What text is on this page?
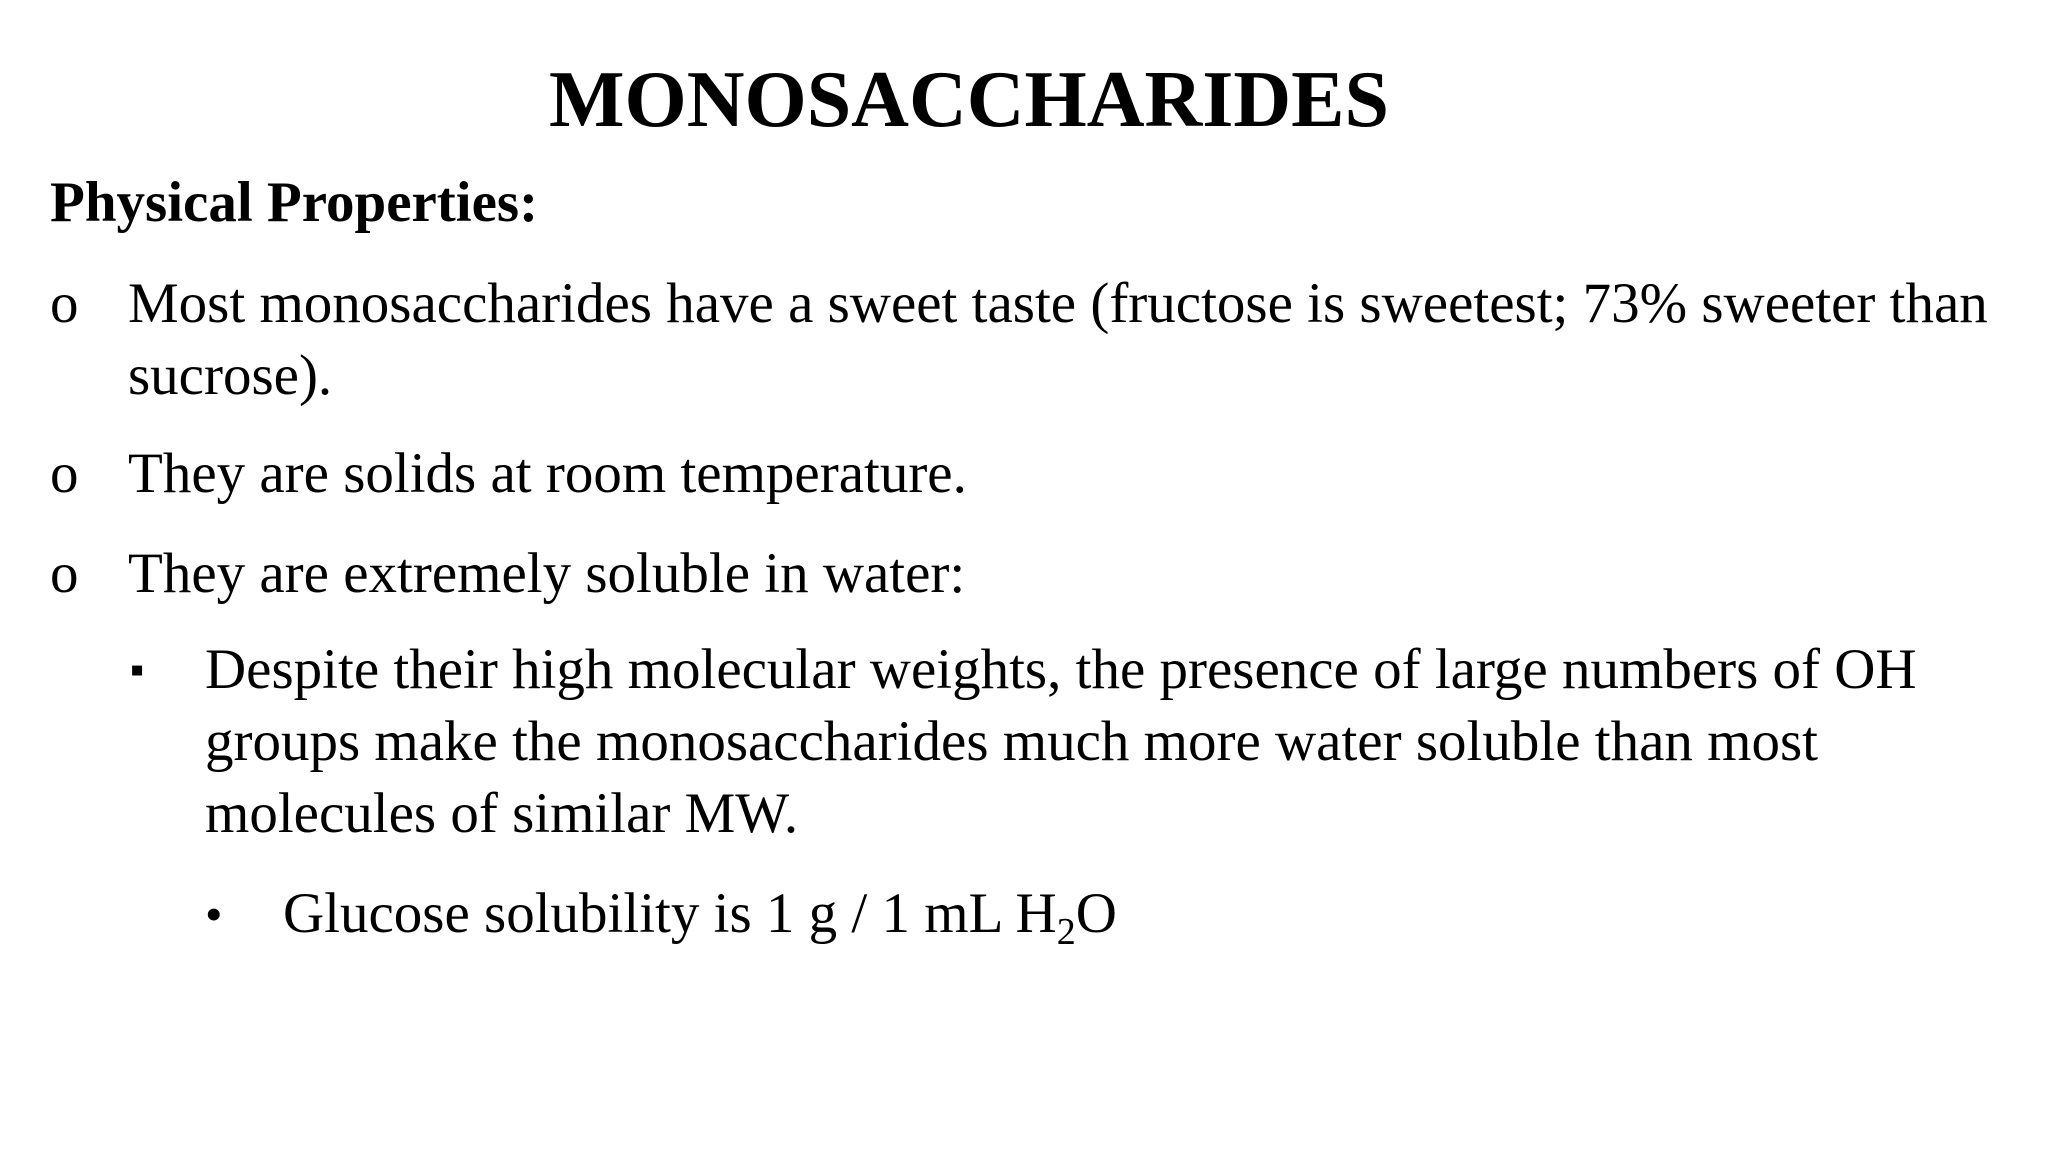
MONOSACCHARIDES
Physical Properties:
o Most monosaccharides have a sweet taste (fructose is sweetest; 73% sweeter than sucrose).
o They are solids at room temperature.
o They are extremely soluble in water:
▪ Despite their high molecular weights, the presence of large numbers of OH groups make the monosaccharides much more water soluble than most molecules of similar MW.
• Glucose solubility is 1 g / 1 mL $H_2O$
